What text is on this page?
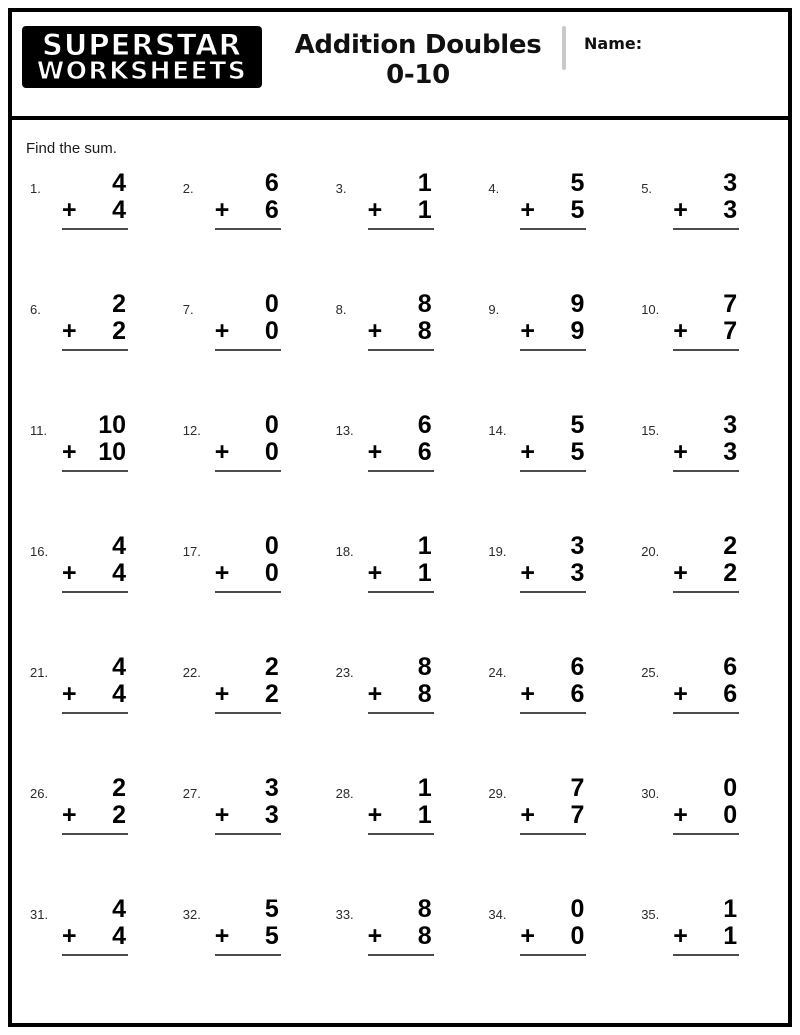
SUPERSTAR
WORKSHEETS
Addition Doubles
0-10
Name:
Find the sum.
1.	4
+ 4
2.	6
+ 6
3.	1
+ 1
4.	5
+ 5
5.	3
+ 3
6.	2
+ 2
7.	0
+ 0
8.	8
+ 8
9.	9
+ 9
10.	7
+ 7
11.	10
+ 10
12.	0
+ 0
13.	6
+ 6
14.	5
+ 5
15.	3
+ 3
16.	4
+ 4
17.	0
+ 0
18.	1
+ 1
19.	3
+ 3
20.	2
+ 2
21.	4
+ 4
22.	2
+ 2
23.	8
+ 8
24.	6
+ 6
25.	6
+ 6
26.	2
+ 2
27.	3
+ 3
28.	1
+ 1
29.	7
+ 7
30.	0
+ 0
31.	4
+ 4
32.	5
+ 5
33.	8
+ 8
34.	0
+ 0
35.	1
+ 1
